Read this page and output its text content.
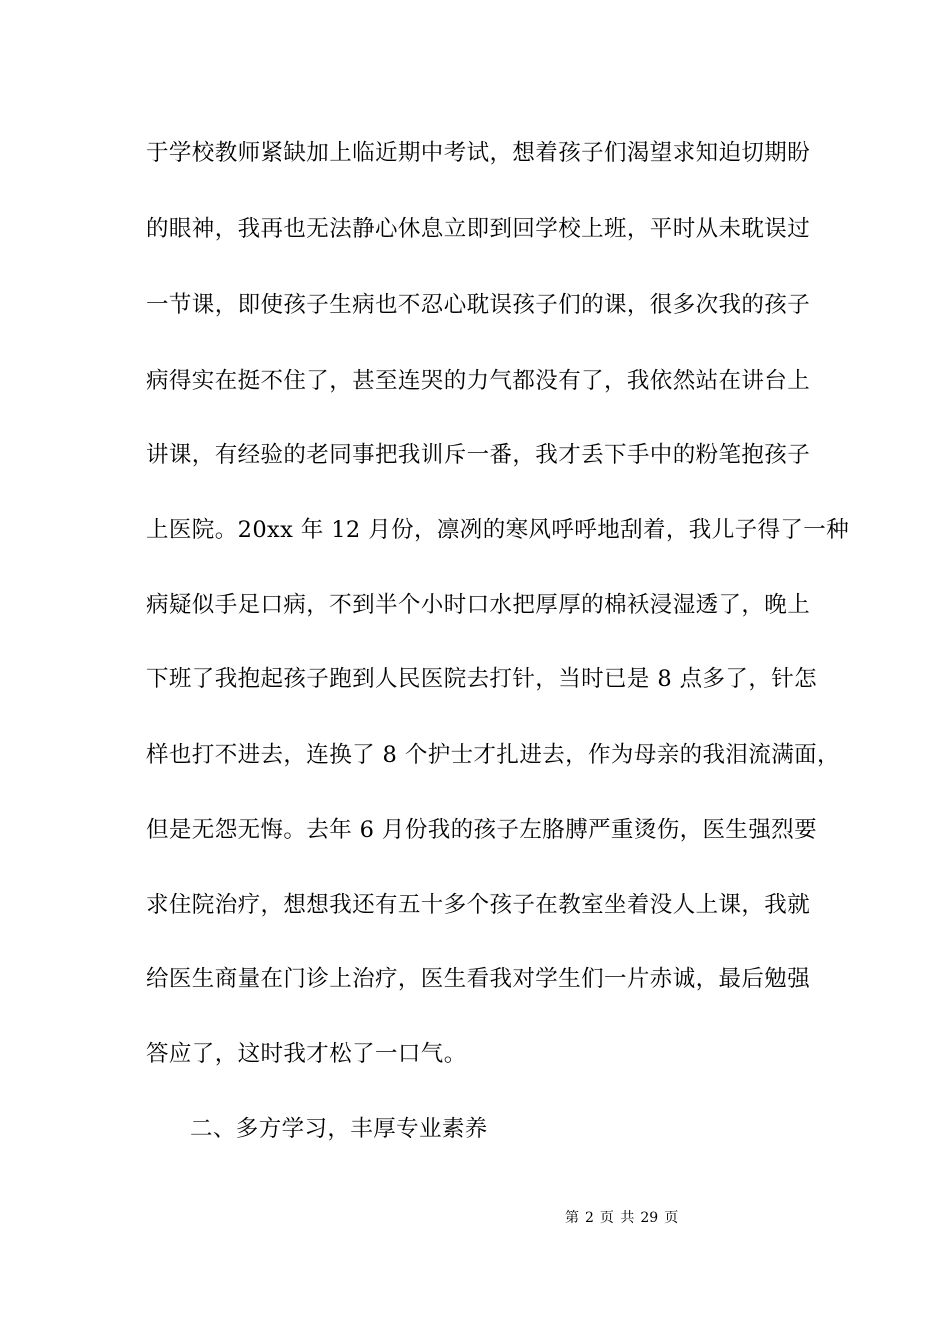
于学校教师紧缺加上临近期中考试，想着孩子们渴望求知迫切期盼
的眼神，我再也无法静心休息立即到回学校上班，平时从未耽误过
一节课，即使孩子生病也不忍心耽误孩子们的课，很多次我的孩子
病得实在挺不住了，甚至连哭的力气都没有了，我依然站在讲台上
讲课，有经验的老同事把我训斥一番，我才丢下手中的粉笔抱孩子
上医院。20xx 年 12 月份，凛冽的寒风呼呼地刮着，我儿子得了一种
病疑似手足口病，不到半个小时口水把厚厚的棉袄浸湿透了，晚上
下班了我抱起孩子跑到人民医院去打针，当时已是 8 点多了，针怎
样也打不进去，连换了 8 个护士才扎进去，作为母亲的我泪流满面，
但是无怨无悔。去年 6 月份我的孩子左胳膊严重烫伤，医生强烈要
求住院治疗，想想我还有五十多个孩子在教室坐着没人上课，我就
给医生商量在门诊上治疗，医生看我对学生们一片赤诚，最后勉强
答应了，这时我才松了一口气。
二、多方学习，丰厚专业素养
第 2 页 共 29 页
